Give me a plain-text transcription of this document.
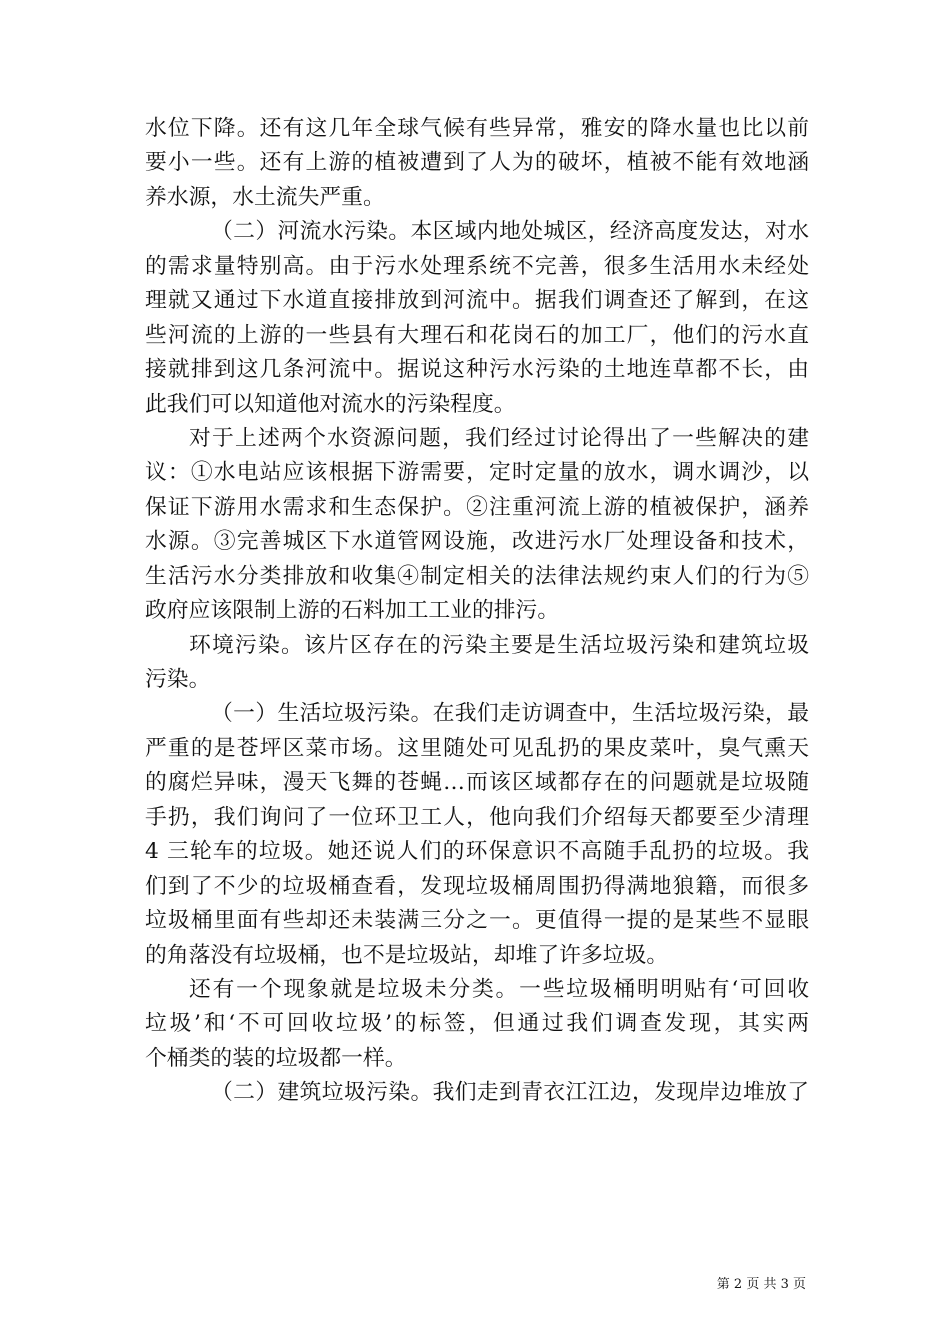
水位下降。还有这几年全球气候有些异常，雅安的降水量也比以前
要小一些。还有上游的植被遭到了人为的破坏，植被不能有效地涵
养水源，水土流失严重。
（二）河流水污染。本区域内地处城区，经济高度发达，对水
的需求量特别高。由于污水处理系统不完善，很多生活用水未经处
理就又通过下水道直接排放到河流中。据我们调查还了解到，在这
些河流的上游的一些县有大理石和花岗石的加工厂，他们的污水直
接就排到这几条河流中。据说这种污水污染的土地连草都不长，由
此我们可以知道他对流水的污染程度。
对于上述两个水资源问题，我们经过讨论得出了一些解决的建
议：①水电站应该根据下游需要，定时定量的放水，调水调沙，以
保证下游用水需求和生态保护。②注重河流上游的植被保护，涵养
水源。③完善城区下水道管网设施，改进污水厂处理设备和技术，
生活污水分类排放和收集④制定相关的法律法规约束人们的行为⑤
政府应该限制上游的石料加工工业的排污。
环境污染。该片区存在的污染主要是生活垃圾污染和建筑垃圾
污染。
（一）生活垃圾污染。在我们走访调查中，生活垃圾污染，最
严重的是苍坪区菜市场。这里随处可见乱扔的果皮菜叶，臭气熏天
的腐烂异味，漫天飞舞的苍蝇…而该区域都存在的问题就是垃圾随
手扔，我们询问了一位环卫工人，他向我们介绍每天都要至少清理
4 三轮车的垃圾。她还说人们的环保意识不高随手乱扔的垃圾。我
们到了不少的垃圾桶查看，发现垃圾桶周围扔得满地狼籍，而很多
垃圾桶里面有些却还未装满三分之一。更值得一提的是某些不显眼
的角落没有垃圾桶，也不是垃圾站，却堆了许多垃圾。
还有一个现象就是垃圾未分类。一些垃圾桶明明贴有‘可回收
垃圾’和‘不可回收垃圾’的标签，但通过我们调查发现，其实两
个桶类的装的垃圾都一样。
（二）建筑垃圾污染。我们走到青衣江江边，发现岸边堆放了
第 2 页 共 3 页
